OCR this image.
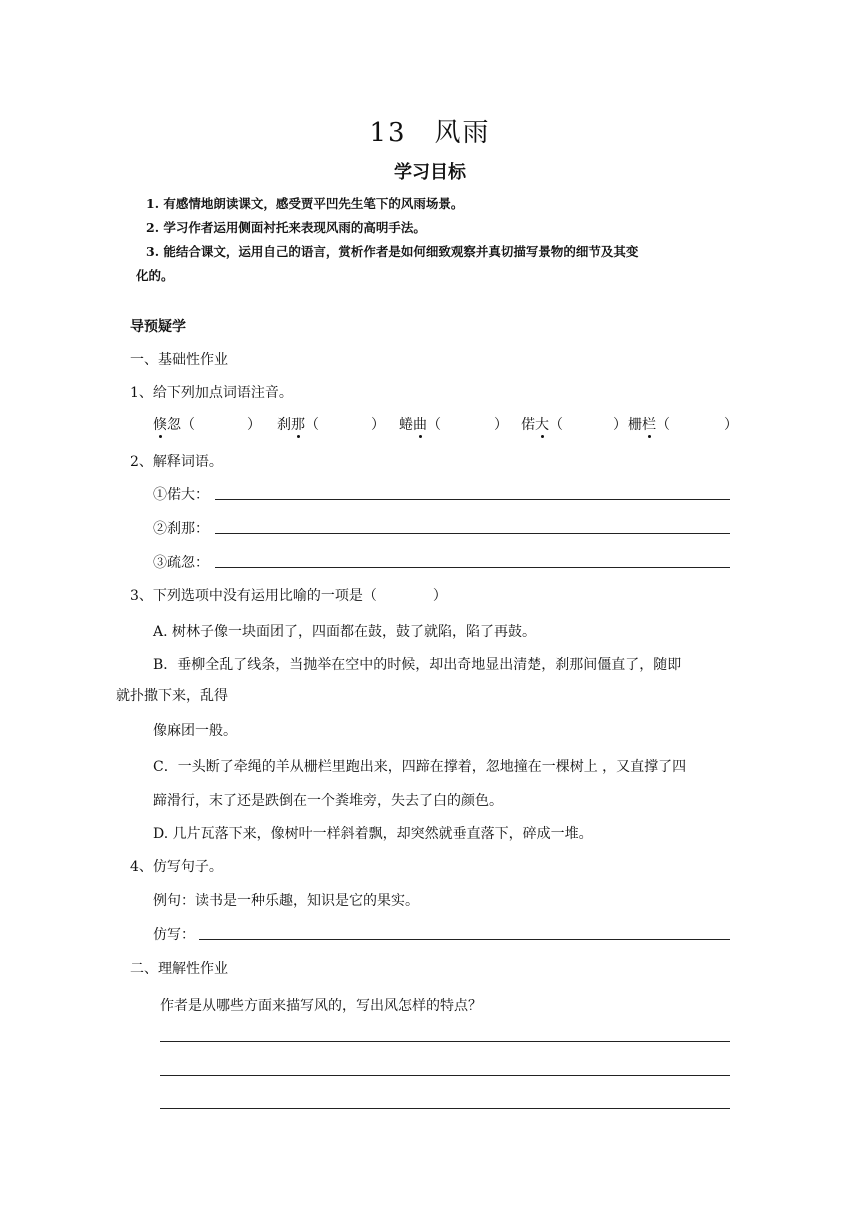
13　风雨
学习目标
1. 有感情地朗读课文，感受贾平凹先生笔下的风雨场景。
2. 学习作者运用侧面衬托来表现风雨的高明手法。
3. 能结合课文，运用自己的语言，赏析作者是如何细致观察并真切描写景物的细节及其变
化的。
导预疑学
一、基础性作业
1、给下列加点词语注音。
倏忽（	） 刹那（	） 蜷曲（	） 偌大（	） 栅栏（	）
2、解释词语。
①偌大：
②刹那：
③疏忽：
3、下列选项中没有运用比喻的一项是（　　　　）
A. 树林子像一块面团了，四面都在鼓，鼓了就陷，陷了再鼓。
B．垂柳全乱了线条，当抛举在空中的时候，却出奇地显出清楚，刹那间僵直了，随即
就扑撒下来，乱得
像麻团一般。
C．一头断了牵绳的羊从栅栏里跑出来，四蹄在撑着，忽地撞在一棵树上 ，又直撑了四
蹄滑行，末了还是跌倒在一个粪堆旁，失去了白的颜色。
D. 几片瓦落下来，像树叶一样斜着飘，却突然就垂直落下，碎成一堆。
4、仿写句子。
例句：读书是一种乐趣，知识是它的果实。
仿写：
二、理解性作业
作者是从哪些方面来描写风的，写出风怎样的特点？
